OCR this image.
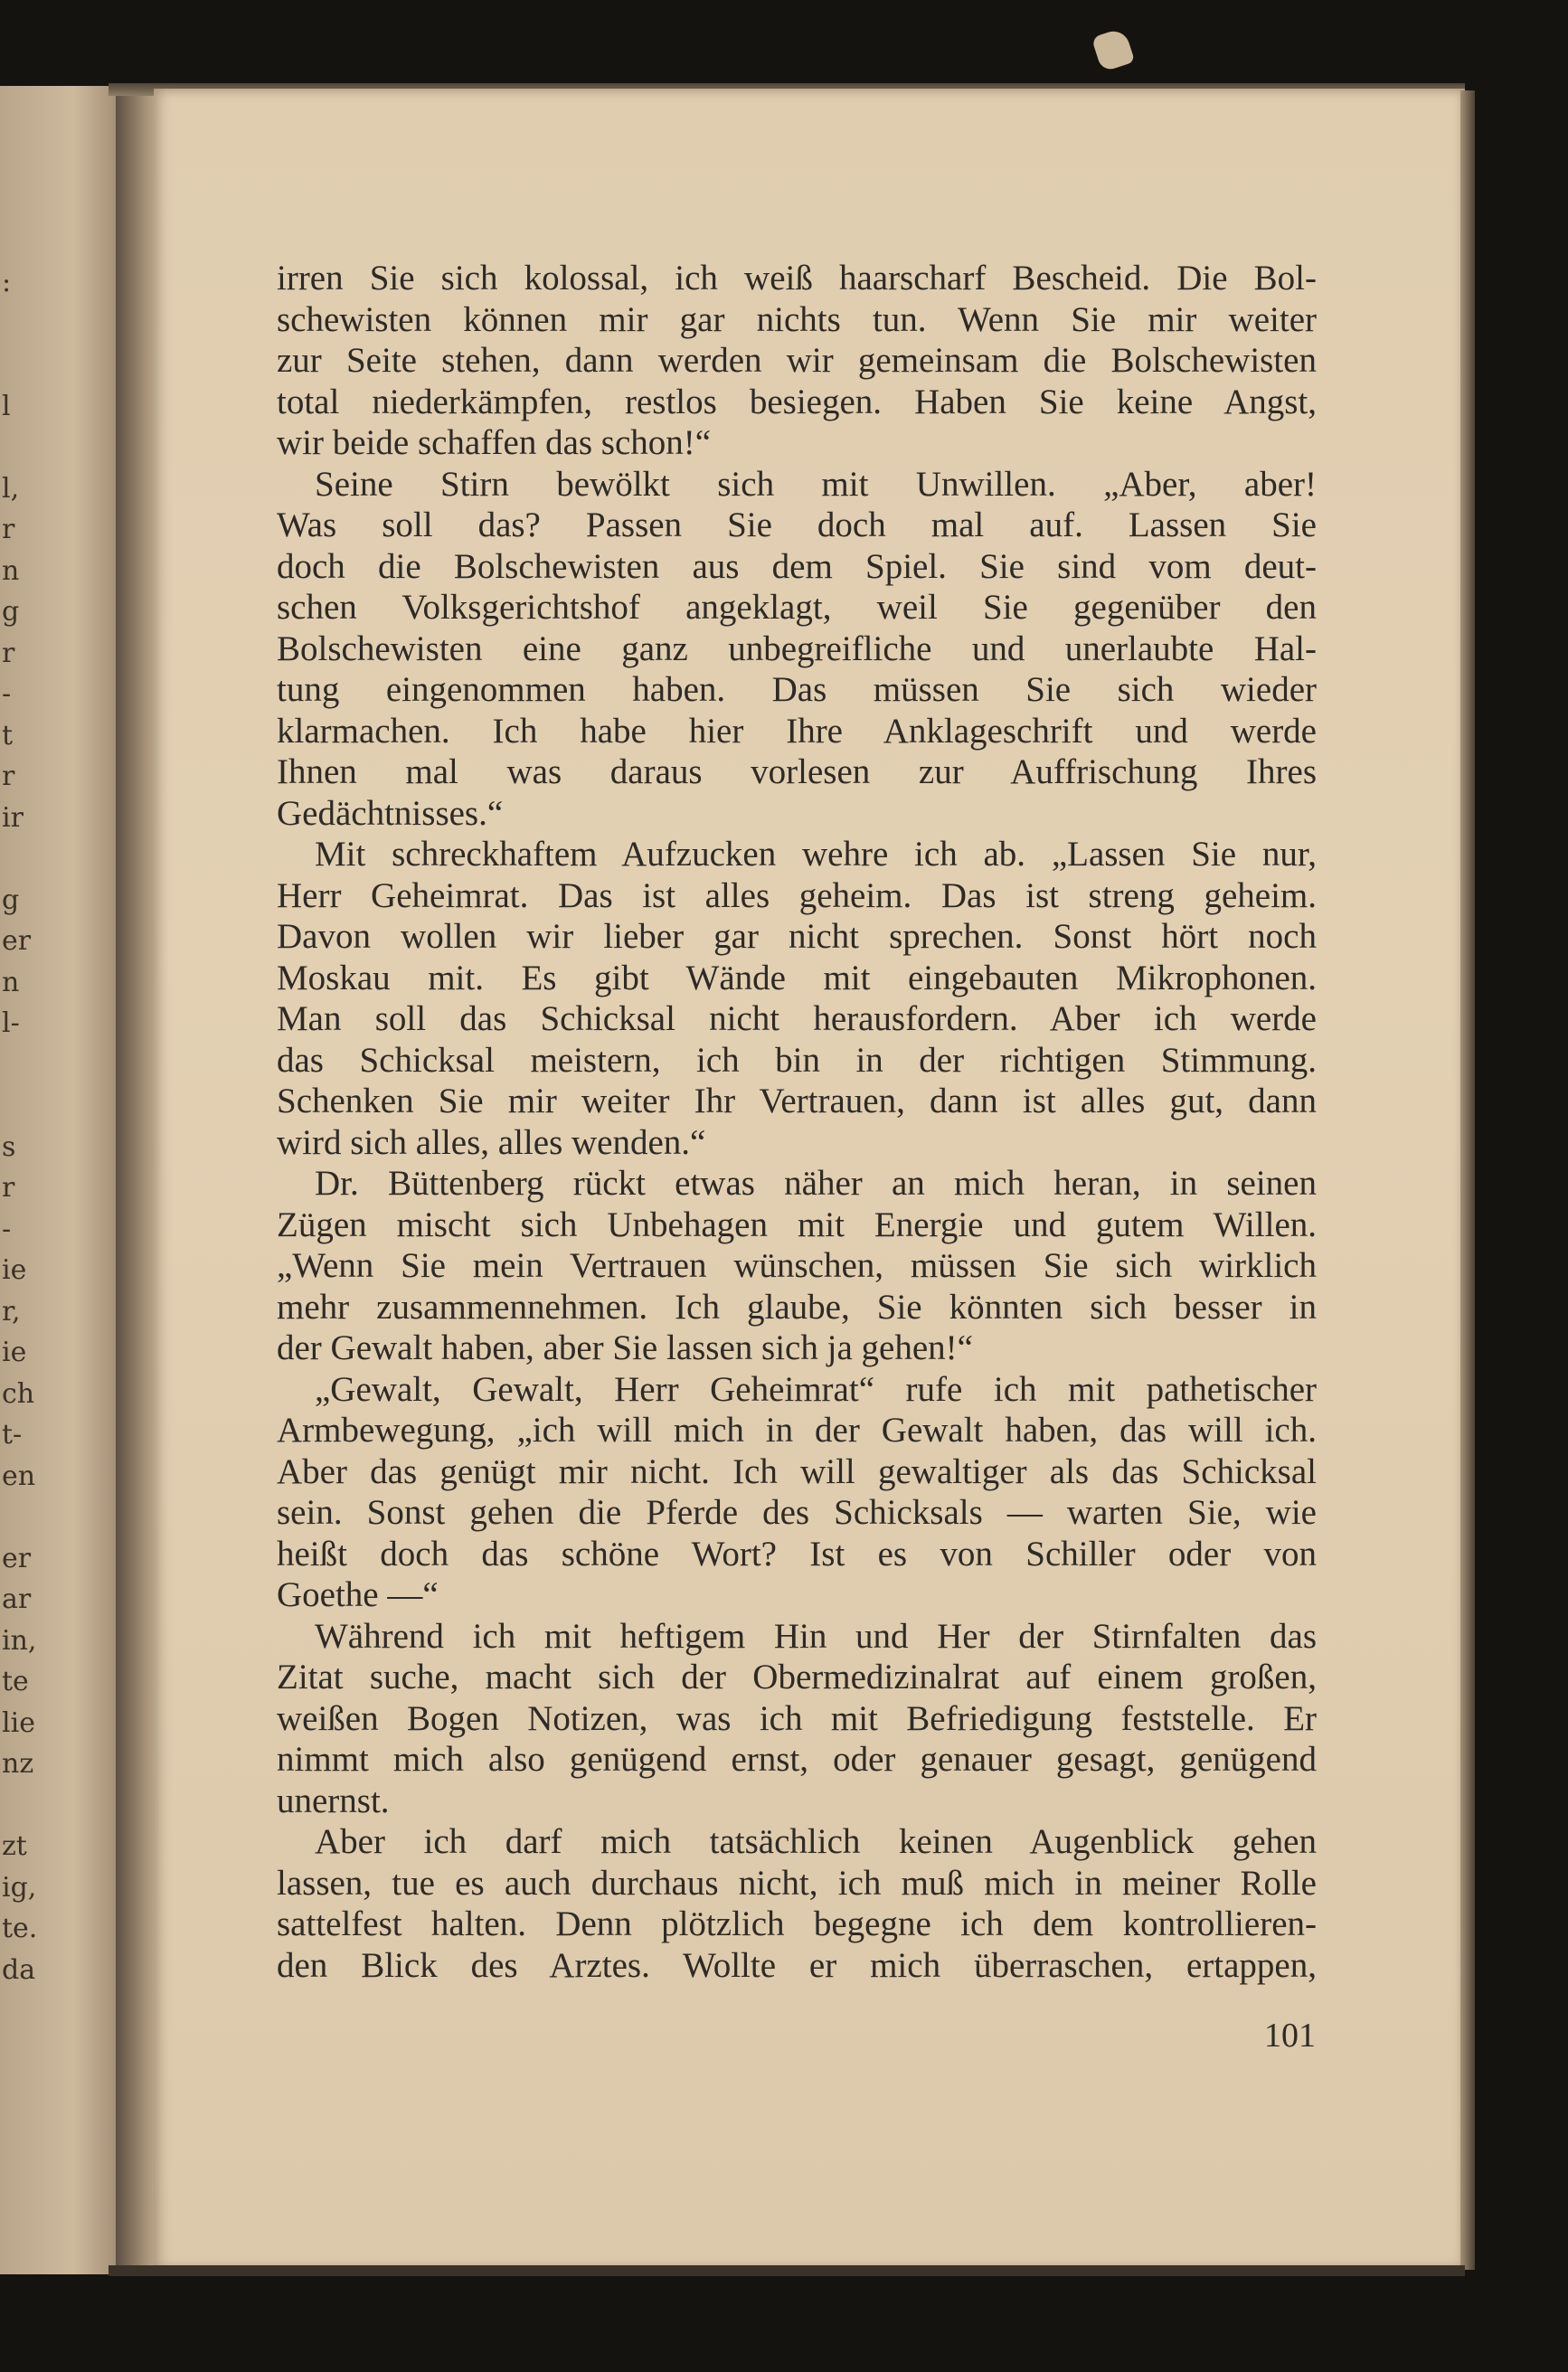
:
l
l,
r
n
g
r
-
t
r
ir
g
er
n
l-
s
r
-
ie
r,
ie
ch
t-
en
er
ar
in,
te
lie
nz
zt
ig,
te.
da
irren Sie sich kolossal, ich weiß haarscharf Bescheid. Die Bol-
schewisten können mir gar nichts tun. Wenn Sie mir weiter
zur Seite stehen, dann werden wir gemeinsam die Bolschewisten
total niederkämpfen, restlos besiegen. Haben Sie keine Angst,
wir beide schaffen das schon!“
Seine Stirn bewölkt sich mit Unwillen. „Aber, aber!
Was soll das? Passen Sie doch mal auf. Lassen Sie
doch die Bolschewisten aus dem Spiel. Sie sind vom deut-
schen Volksgerichtshof angeklagt, weil Sie gegenüber den
Bolschewisten eine ganz unbegreifliche und unerlaubte Hal-
tung eingenommen haben. Das müssen Sie sich wieder
klarmachen. Ich habe hier Ihre Anklageschrift und werde
Ihnen mal was daraus vorlesen zur Auffrischung Ihres
Gedächtnisses.“
Mit schreckhaftem Aufzucken wehre ich ab. „Lassen Sie nur,
Herr Geheimrat. Das ist alles geheim. Das ist streng geheim.
Davon wollen wir lieber gar nicht sprechen. Sonst hört noch
Moskau mit. Es gibt Wände mit eingebauten Mikrophonen.
Man soll das Schicksal nicht herausfordern. Aber ich werde
das Schicksal meistern, ich bin in der richtigen Stimmung.
Schenken Sie mir weiter Ihr Vertrauen, dann ist alles gut, dann
wird sich alles, alles wenden.“
Dr. Büttenberg rückt etwas näher an mich heran, in seinen
Zügen mischt sich Unbehagen mit Energie und gutem Willen.
„Wenn Sie mein Vertrauen wünschen, müssen Sie sich wirklich
mehr zusammennehmen. Ich glaube, Sie könnten sich besser in
der Gewalt haben, aber Sie lassen sich ja gehen!“
„Gewalt, Gewalt, Herr Geheimrat“ rufe ich mit pathetischer
Armbewegung, „ich will mich in der Gewalt haben, das will ich.
Aber das genügt mir nicht. Ich will gewaltiger als das Schicksal
sein. Sonst gehen die Pferde des Schicksals — warten Sie, wie
heißt doch das schöne Wort? Ist es von Schiller oder von
Goethe —“
Während ich mit heftigem Hin und Her der Stirnfalten das
Zitat suche, macht sich der Obermedizinalrat auf einem großen,
weißen Bogen Notizen, was ich mit Befriedigung feststelle. Er
nimmt mich also genügend ernst, oder genauer gesagt, genügend
unernst.
Aber ich darf mich tatsächlich keinen Augenblick gehen
lassen, tue es auch durchaus nicht, ich muß mich in meiner Rolle
sattelfest halten. Denn plötzlich begegne ich dem kontrollieren-
den Blick des Arztes. Wollte er mich überraschen, ertappen,
101
